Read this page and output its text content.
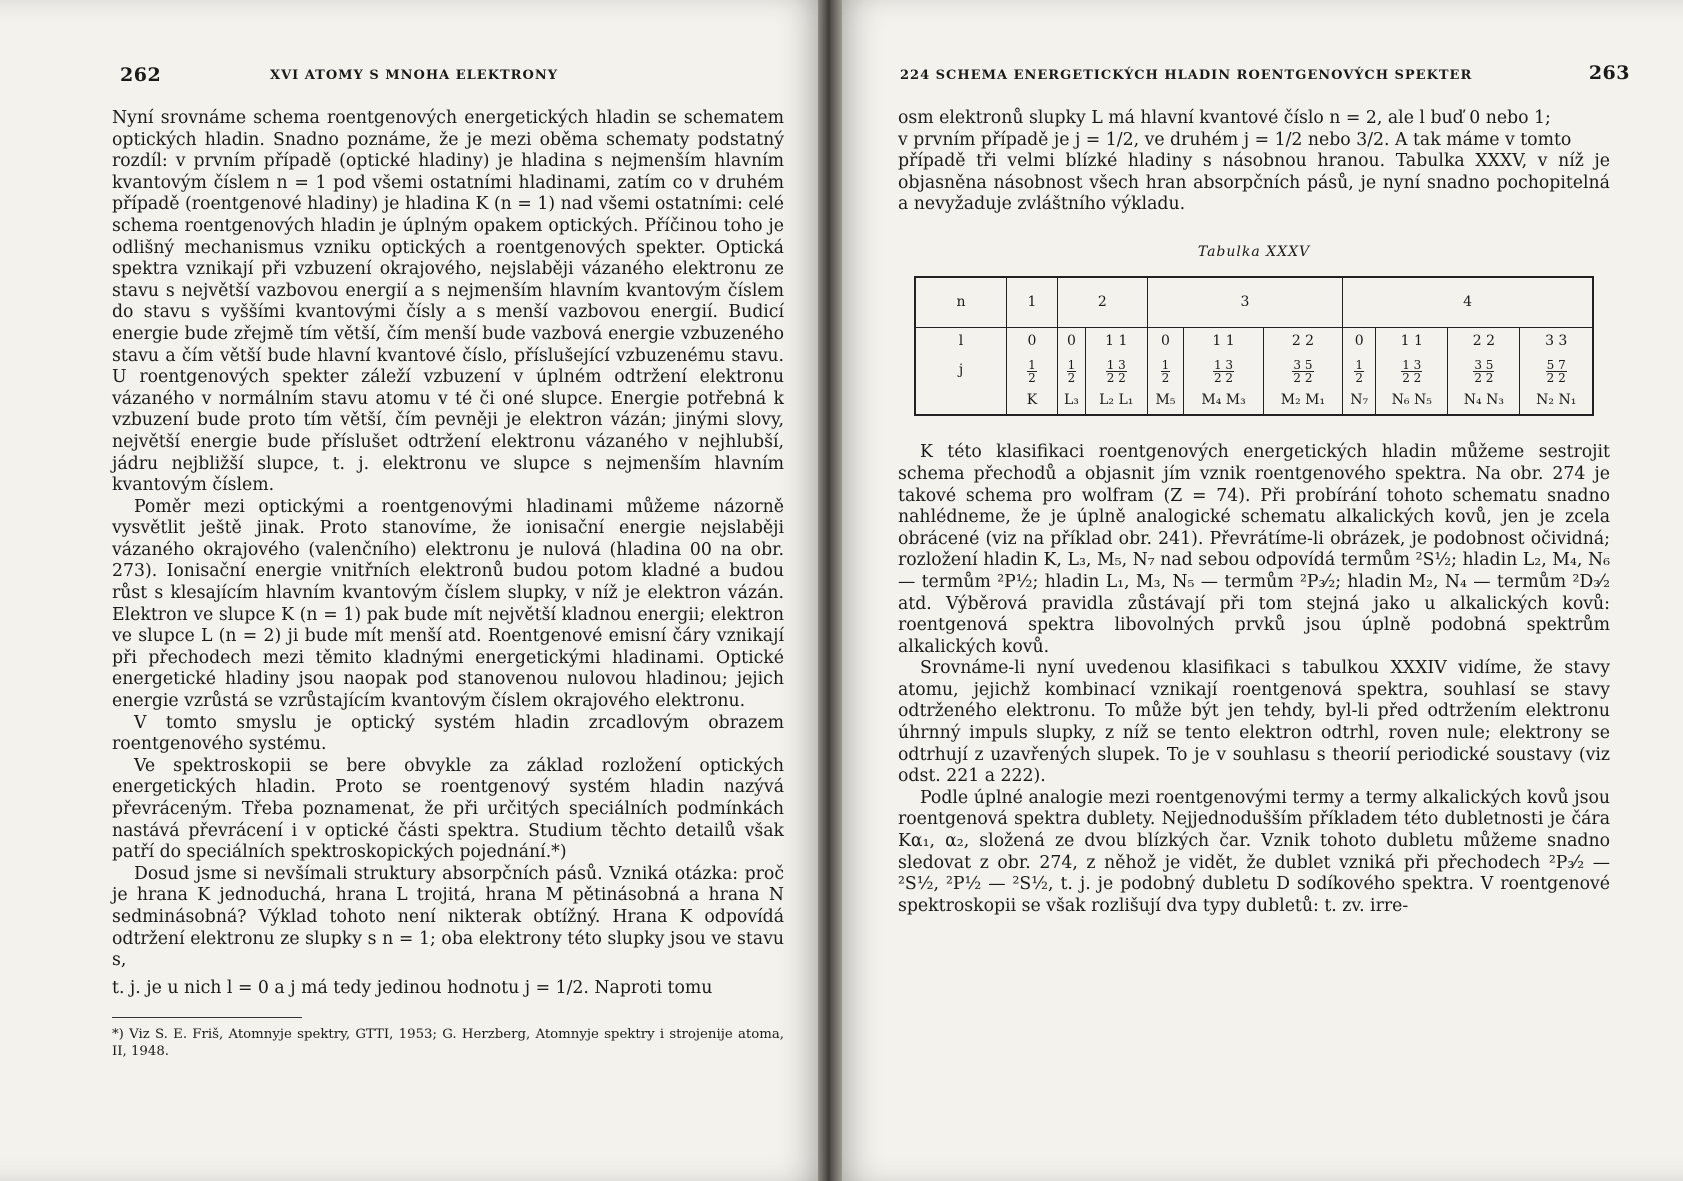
262	XVI ATOMY S MNOHA ELEKTRONY

Nyní srovnáme schema roentgenových energetických hladin se schematem optických hladin. Snadno poznáme, že je mezi oběma schematy podstatný rozdíl: v prvním případě (optické hladiny) je hladina s nejmenším hlavním kvantovým číslem n = 1 pod všemi ostatními hladinami, zatím co v druhém případě (roentgenové hladiny) je hladina K (n = 1) nad všemi ostatními: celé schema roentgenových hladin je úplným opakem optických. Příčinou toho je odlišný mechanismus vzniku optických a roentgenových spekter. Optická spektra vznikají při vzbuzení okrajového, nejslaběji vázaného elektronu ze stavu s největší vazbovou energií a s nejmenším hlavním kvantovým číslem do stavu s vyššími kvantovými čísly a s menší vazbovou energií. Budicí energie bude zřejmě tím větší, čím menší bude vazbová energie vzbuzeného stavu a čím větší bude hlavní kvantové číslo, příslušející vzbuzenému stavu. U roentgenových spekter záleží vzbuzení v úplném odtržení elektronu vázaného v normálním stavu atomu v té či oné slupce. Energie potřebná k vzbuzení bude proto tím větší, čím pevněji je elektron vázán; jinými slovy, největší energie bude příslušet odtržení elektronu vázaného v nejhlubší, jádru nejbližší slupce, t. j. elektronu ve slupce s nejmenším hlavním kvantovým číslem.

Poměr mezi optickými a roentgenovými hladinami můžeme názorně vysvětlit ještě jinak. Proto stanovíme, že ionisační energie nejslaběji vázaného okrajového (valenčního) elektronu je nulová (hladina 00 na obr. 273). Ionisační energie vnitřních elektronů budou potom kladné a budou růst s klesajícím hlavním kvantovým číslem slupky, v níž je elektron vázán. Elektron ve slupce K (n = 1) pak bude mít největší kladnou energii; elektron ve slupce L (n = 2) ji bude mít menší atd. Roentgenové emisní čáry vznikají při přechodech mezi těmito kladnými energetickými hladinami. Optické energetické hladiny jsou naopak pod stanovenou nulovou hladinou; jejich energie vzrůstá se vzrůstajícím kvantovým číslem okrajového elektronu.

V tomto smyslu je optický systém hladin zrcadlovým obrazem roentgenového systému.

Ve spektroskopii se bere obvykle za základ rozložení optických energetických hladin. Proto se roentgenový systém hladin nazývá převráceným. Třeba poznamenat, že při určitých speciálních podmínkách nastává převrácení i v optické části spektra. Studium těchto detailů však patří do speciálních spektroskopických pojednání.*)

Dosud jsme si nevšímali struktury absorpčních pásů. Vzniká otázka: proč je hrana K jednoduchá, hrana L trojitá, hrana M pětinásobná a hrana N sedminásobná? Výklad tohoto není nikterak obtížný. Hrana K odpovídá odtržení elektronu ze slupky s n = 1; oba elektrony této slupky jsou ve stavu s,

t. j. je u nich l = 0 a j má tedy jedinou hodnotu j = 1/2. Naproti tomu

*) Viz S. E. Friš, Atomnyje spektry, GTTI, 1953; G. Herzberg, Atomnyje spektry i strojenije atoma, II, 1948.
224 SCHEMA ENERGETICKÝCH HLADIN ROENTGENOVÝCH SPEKTER	263

osm elektronů slupky L má hlavní kvantové číslo n = 2, ale l buď 0 nebo 1;

v prvním případě je j = 1/2, ve druhém j = 1/2 nebo 3/2. A tak máme v tomto

případě tři velmi blízké hladiny s násobnou hranou. Tabulka XXXV, v níž je objasněna násobnost všech hran absorpčních pásů, je nyní snadno pochopitelná a nevyžaduje zvláštního výkladu.

Tabulka XXXV
n	1	2		3			4			
l	0	0	1 1	0	1 1	2 2	0	1 1	2 2	3 3
j	$\frac{1}{2}$	$\frac{1}{2}$	$\frac{1 3}{2 2}$	$\frac{1}{2}$	$\frac{1 3}{2 2}$	$\frac{3 5}{2 2}$	$\frac{1}{2}$	$\frac{1 3}{2 2}$	$\frac{3 5}{2 2}$	$\frac{5 7}{2 2}$
	K	L₃	L₂ L₁	M₅	M₄ M₃	M₂ M₁	N₇	N₆ N₅	N₄ N₃	N₂ N₁

K této klasifikaci roentgenových energetických hladin můžeme sestrojit schema přechodů a objasnit jím vznik roentgenového spektra. Na obr. 274 je takové schema pro wolfram (Z = 74). Při probírání tohoto schematu snadno nahlédneme, že je úplně analogické schematu alkalických kovů, jen je zcela obrácené (viz na příklad obr. 241). Převrátíme-li obrázek, je podobnost očividná; rozložení hladin K, L₃, M₅, N₇ nad sebou odpovídá termům ²S½; hladin L₂, M₄, N₆ — termům ²P½; hladin L₁, M₃, N₅ — termům ²P₃⁄₂; hladin M₂, N₄ — termům ²D₃⁄₂ atd. Výběrová pravidla zůstávají při tom stejná jako u alkalických kovů: roentgenová spektra libovolných prvků jsou úplně podobná spektrům alkalických kovů.

Srovnáme-li nyní uvedenou klasifikaci s tabulkou XXXIV vidíme, že stavy atomu, jejichž kombinací vznikají roentgenová spektra, souhlasí se stavy odtrženého elektronu. To může být jen tehdy, byl-li před odtržením elektronu úhrnný impuls slupky, z níž se tento elektron odtrhl, roven nule; elektrony se odtrhují z uzavřených slupek. To je v souhlasu s theorií periodické soustavy (viz odst. 221 a 222).

Podle úplné analogie mezi roentgenovými termy a termy alkalických kovů jsou roentgenová spektra dublety. Nejjednodušším příkladem této dubletnosti je čára Kα₁, α₂, složená ze dvou blízkých čar. Vznik tohoto dubletu můžeme snadno sledovat z obr. 274, z něhož je vidět, že dublet vzniká při přechodech ²P₃⁄₂ — ²S½, ²P½ — ²S½, t. j. je podobný dubletu D sodíkového spektra. V roentgenové spektroskopii se však rozlišují dva typy dubletů: t. zv. irre-
